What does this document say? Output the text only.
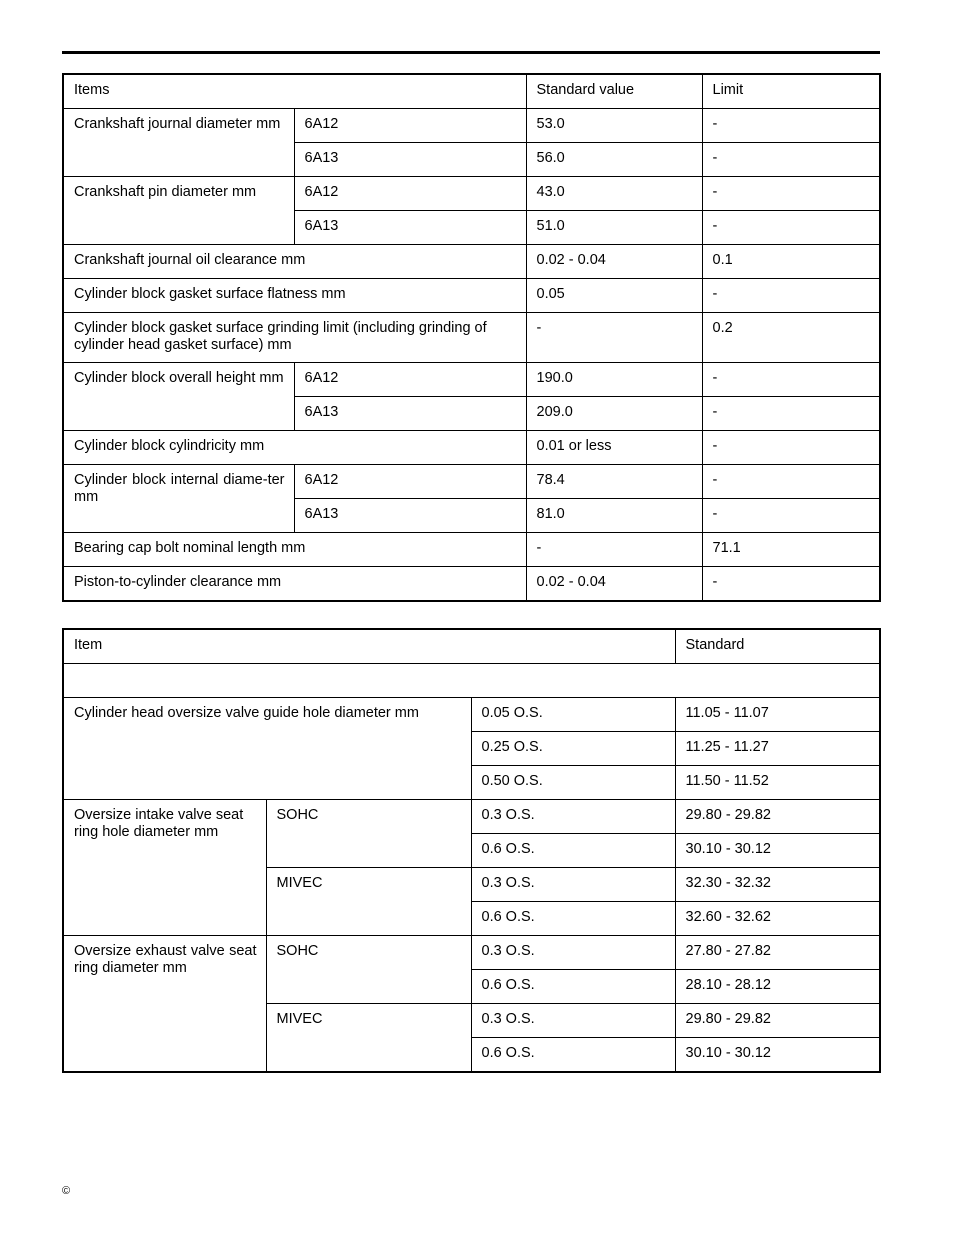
Items		Standard value	Limit
Crankshaft journal diameter mm	6A12	53.0	-
	6A13	56.0	-
Crankshaft pin diameter mm	6A12	43.0	-
	6A13	51.0	-
Crankshaft journal oil clearance mm		0.02 - 0.04	0.1
Cylinder block gasket surface flatness mm		0.05	-
Cylinder block gasket surface grinding limit (including grinding of cylinder head gasket surface) mm		-	0.2
Cylinder block overall height mm	6A12	190.0	-
	6A13	209.0	-
Cylinder block cylindricity mm		0.01 or less	-
Cylinder block internal diame-ter mm	6A12	78.4	-
	6A13	81.0	-
Bearing cap bolt nominal length mm		-	71.1
Piston-to-cylinder clearance mm		0.02 - 0.04	-
Item			Standard

Cylinder head oversize valve guide hole diameter mm		0.05 O.S.	11.05 - 11.07
		0.25 O.S.	11.25 - 11.27
		0.50 O.S.	11.50 - 11.52
Oversize intake valve seat ring hole diameter mm	SOHC	0.3 O.S.	29.80 - 29.82
		0.6 O.S.	30.10 - 30.12
	MIVEC	0.3 O.S.	32.30 - 32.32
		0.6 O.S.	32.60 - 32.62
Oversize exhaust valve seat ring diameter mm	SOHC	0.3 O.S.	27.80 - 27.82
		0.6 O.S.	28.10 - 28.12
	MIVEC	0.3 O.S.	29.80 - 29.82
		0.6 O.S.	30.10 - 30.12
©
